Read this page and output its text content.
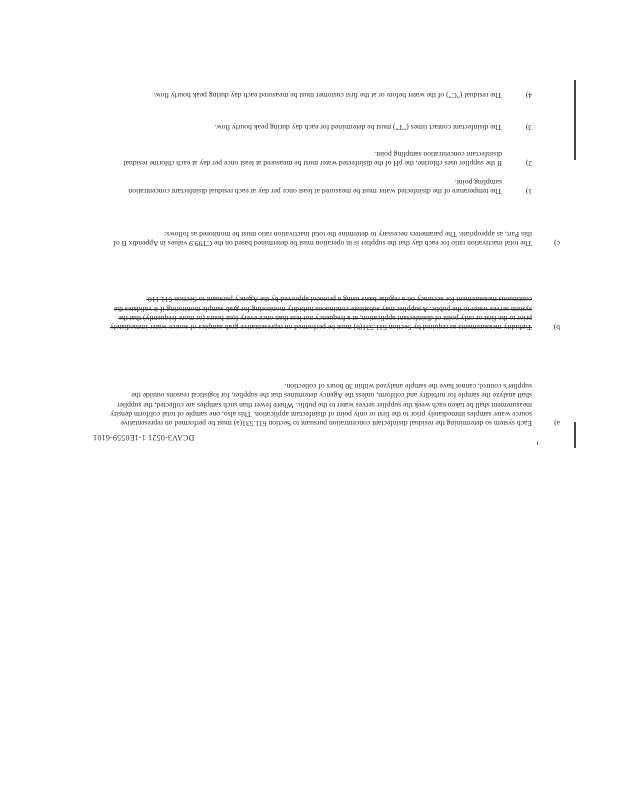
DCAV3-0521 1-1E0559-6101
a)
Each system so determining the residual disinfectant concentration pursuant to Section 611.531(a) must be performed on representative source water samples immediately prior to the first or only point of disinfectant application. This also, one sample of total coliform density measurement shall be taken each week the supplier serves water to the public. Where fewer than such samples are collected, the supplier shall analyze the sample for turbidity and coliform, unless the Agency determines that the supplier, for logistical reasons outside the supplier's control, cannot have the sample analyzed within 30 hours of collection.
b)
Turbidity measurements as required by Section 611.531(b) must be performed on representative grab samples of source water immediately prior to the first or only point of disinfectant application, at a frequency not less than once every four hours (or more frequently) that the system serves water to the public. A supplier may substitute continuous turbidity monitoring for grab sample monitoring if it validates the continuous measurement for accuracy on a regular basis using a protocol approved by the Agency pursuant to Section 611.110.
c)
The total inactivation ratio for each day that the supplier is in operation must be determined based on the CT99.9 values in Appendix B of this Part, as appropriate. The parameters necessary to determine the total inactivation ratio must be monitored as follows:
1)
The temperature of the disinfected water must be measured at least once per day at each residual disinfectant concentration sampling point.
2)
If the supplier uses chlorine, the pH of the disinfected water must be measured at least once per day at each chlorine residual disinfectant concentration sampling point.
3)
The disinfectant contact times ("T") must be determined for each day during peak hourly flow.
4)
The residual ("C") of the water before or at the first customer must be measured each day during peak hourly flow.
